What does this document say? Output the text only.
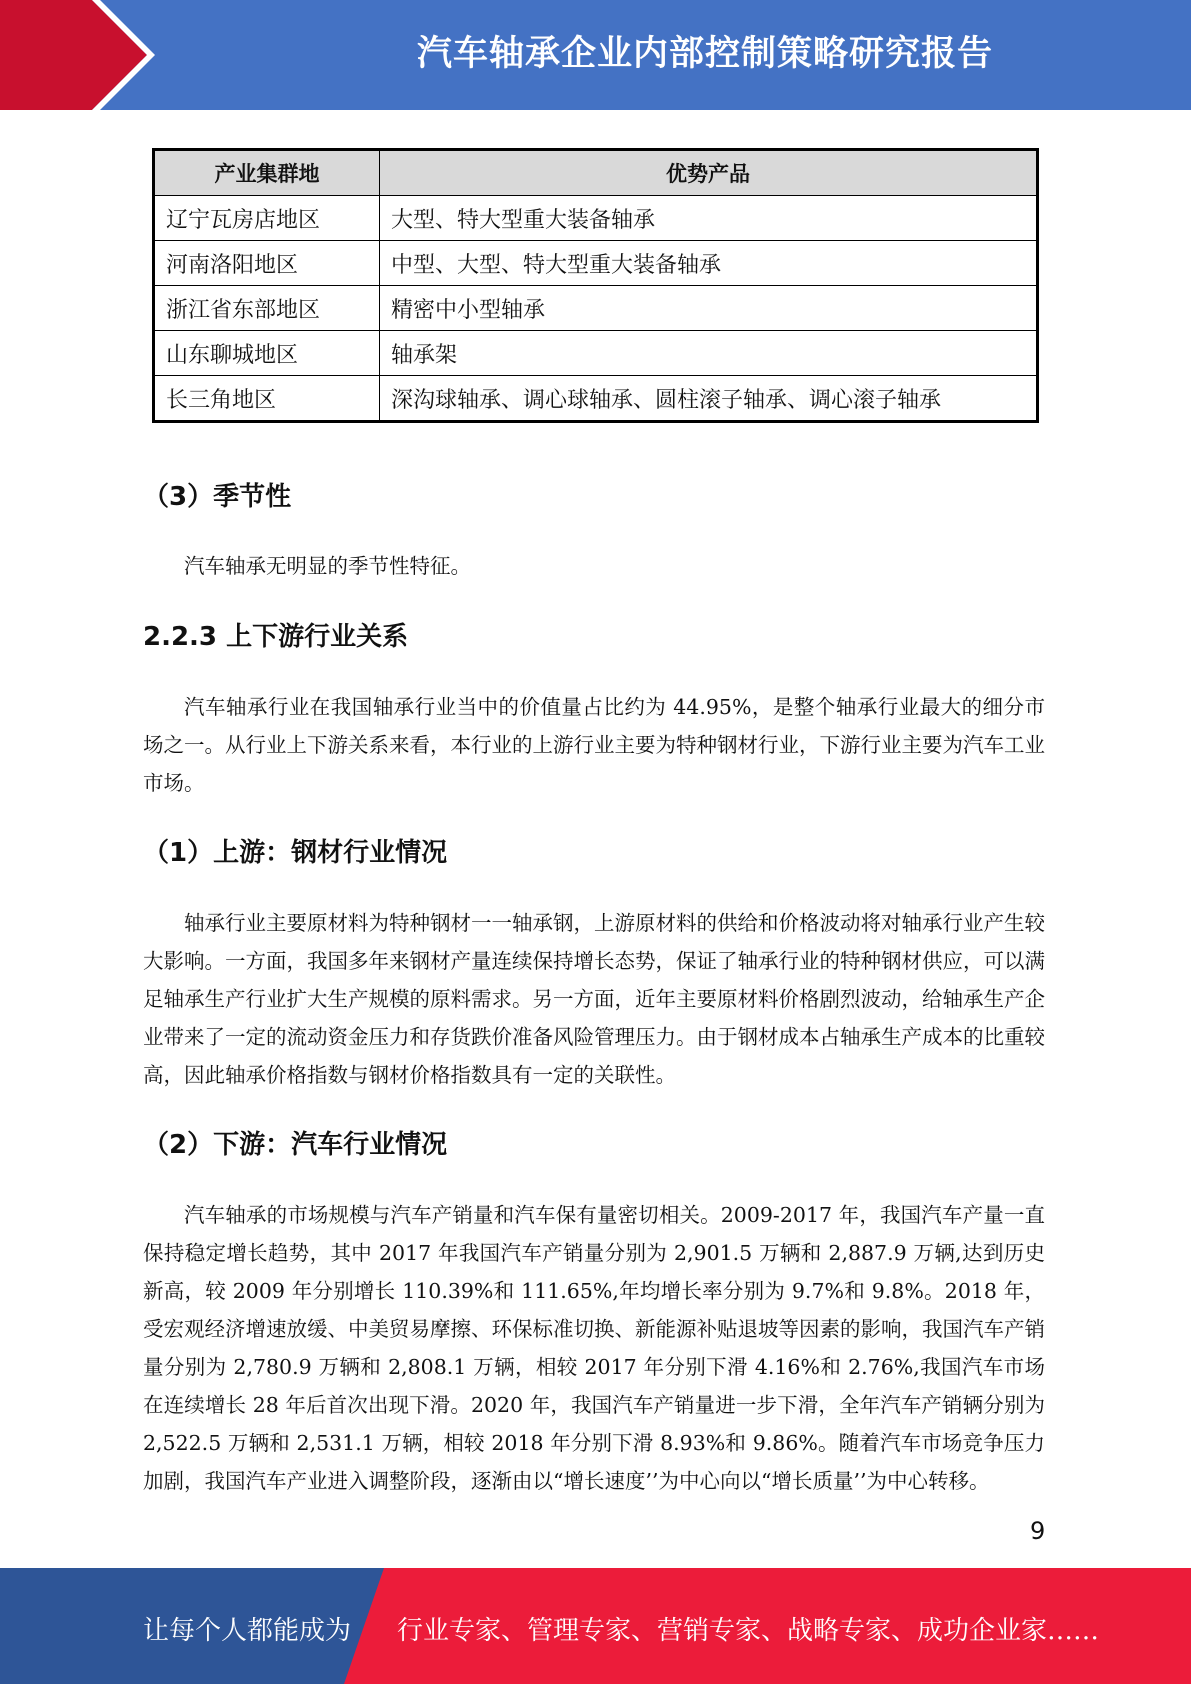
汽车轴承企业内部控制策略研究报告
产业集群地	优势产品
辽宁瓦房店地区	大型、特大型重大装备轴承
河南洛阳地区	中型、大型、特大型重大装备轴承
浙江省东部地区	精密中小型轴承
山东聊城地区	轴承架
长三角地区	深沟球轴承、调心球轴承、圆柱滚子轴承、调心滚子轴承
（3）季节性

汽车轴承无明显的季节性特征。

2.2.3 上下游行业关系

汽车轴承行业在我国轴承行业当中的价值量占比约为 44.95%，是整个轴承行业最大的细分市场之一。从行业上下游关系来看，本行业的上游行业主要为特种钢材行业，下游行业主要为汽车工业市场。

（1）上游：钢材行业情况

轴承行业主要原材料为特种钢材一一轴承钢，上游原材料的供给和价格波动将对轴承行业产生较大影响。一方面，我国多年来钢材产量连续保持增长态势，保证了轴承行业的特种钢材供应，可以满足轴承生产行业扩大生产规模的原料需求。另一方面，近年主要原材料价格剧烈波动，给轴承生产企业带来了一定的流动资金压力和存货跌价准备风险管理压力。由于钢材成本占轴承生产成本的比重较高，因此轴承价格指数与钢材价格指数具有一定的关联性。

（2）下游：汽车行业情况

汽车轴承的市场规模与汽车产销量和汽车保有量密切相关。2009-2017 年，我国汽车产量一直保持稳定增长趋势，其中 2017 年我国汽车产销量分别为 2,901.5 万辆和 2,887.9 万辆,达到历史新高，较 2009 年分别增长 110.39%和 111.65%,年均增长率分别为 9.7%和 9.8%。2018 年，受宏观经济增速放缓、中美贸易摩擦、环保标准切换、新能源补贴退坡等因素的影响，我国汽车产销量分别为 2,780.9 万辆和 2,808.1 万辆，相较 2017 年分别下滑 4.16%和 2.76%,我国汽车市场在连续增长 28 年后首次出现下滑。2020 年，我国汽车产销量进一步下滑，全年汽车产销辆分别为 2,522.5 万辆和 2,531.1 万辆，相较 2018 年分别下滑 8.93%和 9.86%。随着汽车市场竞争压力加剧，我国汽车产业进入调整阶段，逐渐由以“增长速度’’为中心向以“增长质量’’为中心转移。

9
让每个人都能成为 行业专家、管理专家、营销专家、战略专家、成功企业家……
